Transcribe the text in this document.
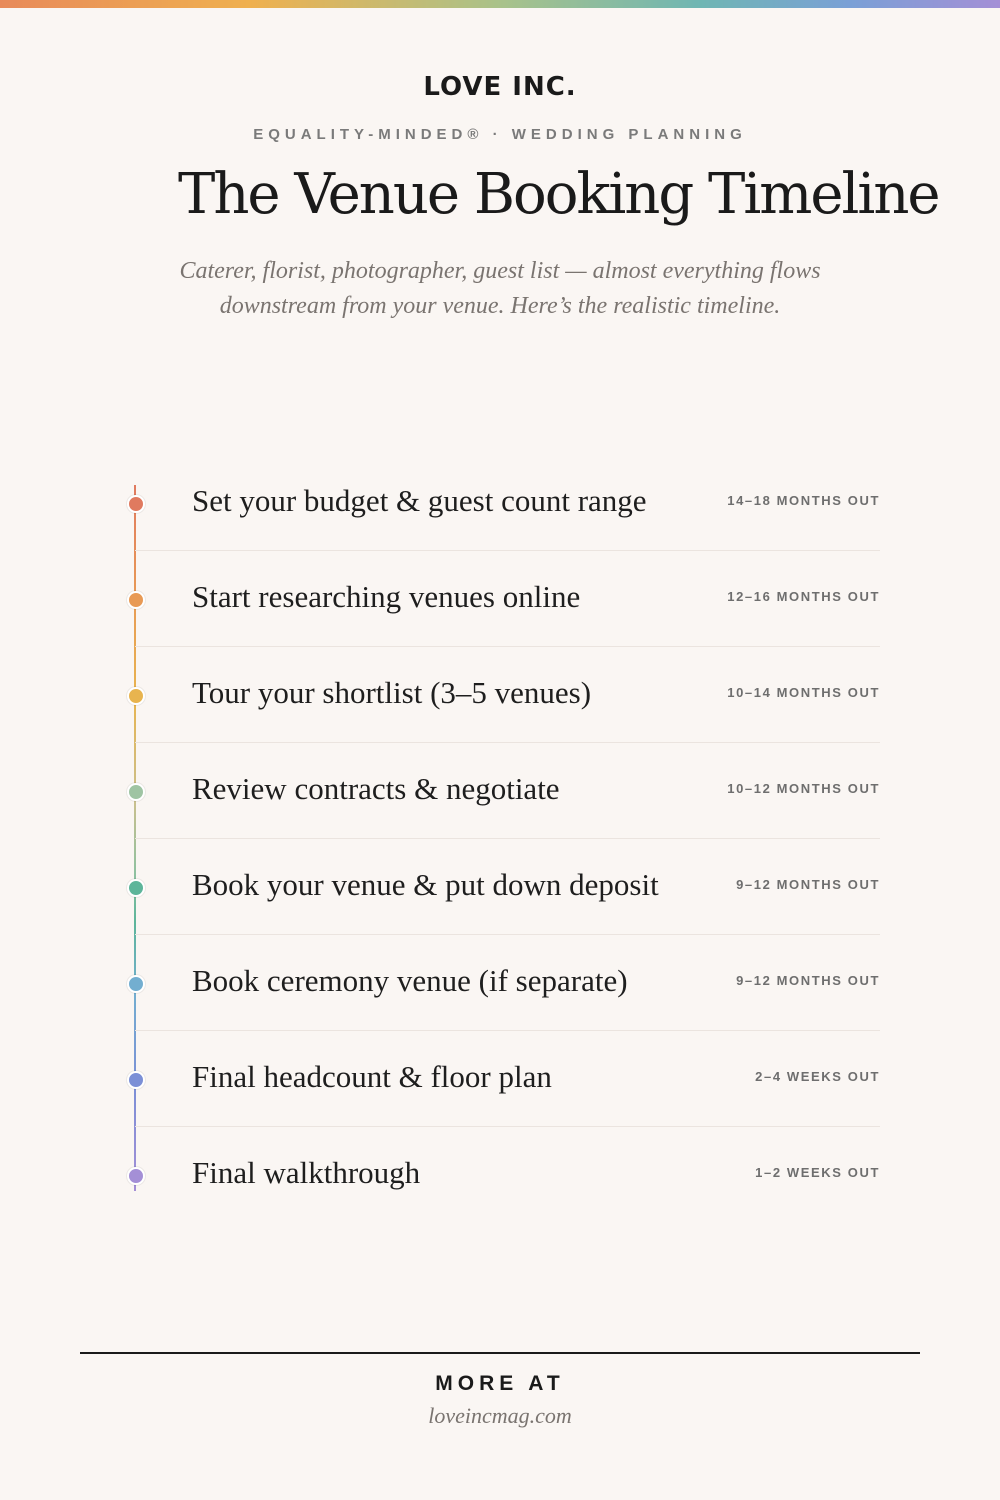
LOVE INC.
EQUALITY-MINDED® · WEDDING PLANNING
The Venue Booking Timeline
Caterer, florist, photographer, guest list — almost everything flows downstream from your venue. Here’s the realistic timeline.
Set your budget & guest count range	14–18 MONTHS OUT
Start researching venues online	12–16 MONTHS OUT
Tour your shortlist (3–5 venues)	10–14 MONTHS OUT
Review contracts & negotiate	10–12 MONTHS OUT
Book your venue & put down deposit	9–12 MONTHS OUT
Book ceremony venue (if separate)	9–12 MONTHS OUT
Final headcount & floor plan	2–4 WEEKS OUT
Final walkthrough	1–2 WEEKS OUT
MORE AT
loveincmag.com
